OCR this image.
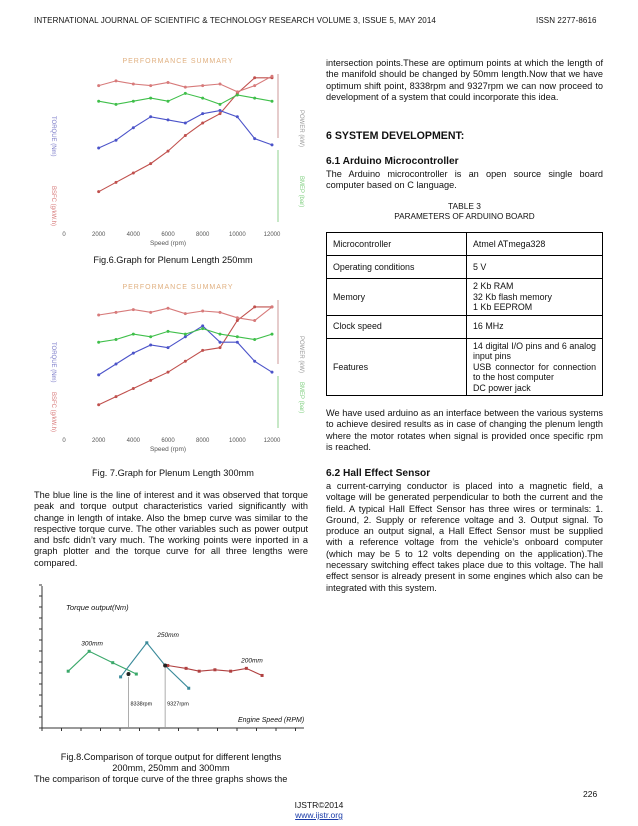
INTERNATIONAL JOURNAL OF SCIENTIFIC & TECHNOLOGY RESEARCH VOLUME 3, ISSUE 5, MAY 2014	ISSN 2277-8616
PERFORMANCE SUMMARY
TORQUE (Nm)
BSFC (g/kW.h)
POWER (kW)
BMEP (bar)
0	2000	4000	6000	8000	10000	12000
Speed (rpm)
Fig.6.Graph for Plenum Length 250mm
PERFORMANCE SUMMARY
TORQUE (Nm)
BSFC (g/kW.h)
POWER (kW)
BMEP (bar)
0	2000	4000	6000	8000	10000	12000
Speed (rpm)
Fig. 7.Graph for Plenum Length 300mm
The blue line is the line of interest and it was observed that torque peak and torque output characteristics varied significantly with change in length of intake. Also the bmep curve was similar to the respective torque curve. The other variables such as power output and bsfc didn’t vary much. The working points were inported in a graph plotter and the torque curve for all three lengths were compared.
Torque output(Nm)
Engine Speed (RPM)
300mm
250mm
200mm
8338rpm	9327rpm
Fig.8.Comparison of torque output for different lengths
200mm, 250mm and 300mm
The comparison of torque curve of the three graphs shows the
intersection points.These are optimum points at which the length of the manifold should be changed by 50mm length.Now that we have optimum shift point, 8338rpm and 9327rpm we can now proceed to development of a system that could incorporate this idea.
6 SYSTEM DEVELOPMENT:
6.1 Arduino Microcontroller
The Arduino microcontroller is an open source single board computer based on C language.
TABLE 3
PARAMETERS OF ARDUINO BOARD
Microcontroller	Atmel ATmega328

Operating conditions	5 V

Memory	2 Kb RAM
32 Kb flash memory
1 Kb EEPROM

Clock speed	16 MHz

Features	14 digital I/O pins and 6 analog input pins
USB connector for connection to the host computer
DC power jack
We have used arduino as an interface between the various systems to achieve desired results as in case of changing the plenum length where the motor rotates when signal is provided once specific rpm is reached.
6.2 Hall Effect Sensor
a current-carrying conductor is placed into a magnetic field, a voltage will be generated perpendicular to both the current and the field. A typical Hall Effect Sensor has three wires or terminals: 1. Ground, 2. Supply or reference voltage and 3. Output signal. To produce an output signal, a Hall Effect Sensor must be supplied with a reference voltage from the vehicle’s onboard computer (which may be 5 to 12 volts depending on the application).The necessary switching effect takes place due to this voltage. The hall effect sensor is already present in some engines which also can be integrated with this system.
226
IJSTR©2014
www.ijstr.org
